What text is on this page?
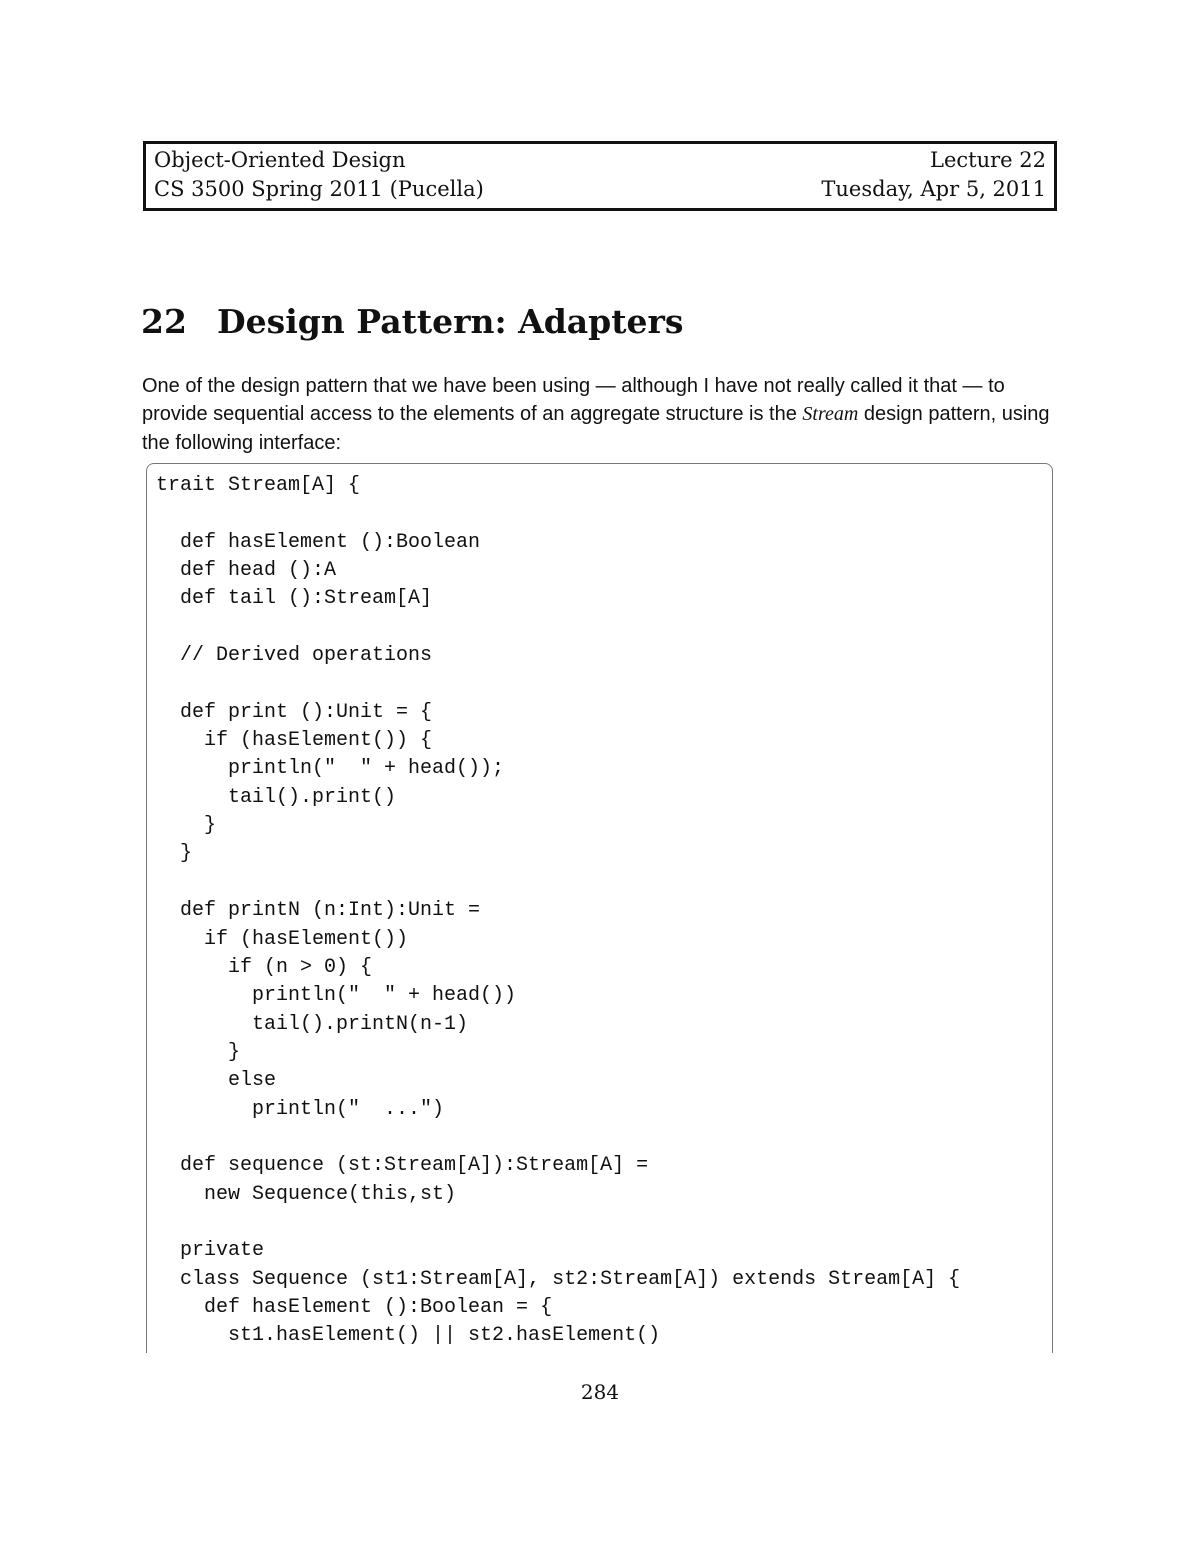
Object-Oriented Design	Lecture 22
CS 3500 Spring 2011 (Pucella)	Tuesday, Apr 5, 2011
22 Design Pattern: Adapters

One of the design pattern that we have been using — although I have not really called it that — to provide sequential access to the elements of an aggregate structure is the Stream design pattern, using the following interface:

trait Stream[A] {
def hasElement ():Boolean
def head ():A
def tail ():Stream[A]
// Derived operations
def print ():Unit = {
if (hasElement()) {
println("  " + head());
tail().print()
}
}
def printN (n:Int):Unit =
if (hasElement())
if (n > 0) {
println("  " + head())
tail().printN(n-1)
}
else
println("  ...")
def sequence (st:Stream[A]):Stream[A] =
new Sequence(this,st)
private
class Sequence (st1:Stream[A], st2:Stream[A]) extends Stream[A] {
def hasElement ():Boolean = {
st1.hasElement() || st2.hasElement()
284
